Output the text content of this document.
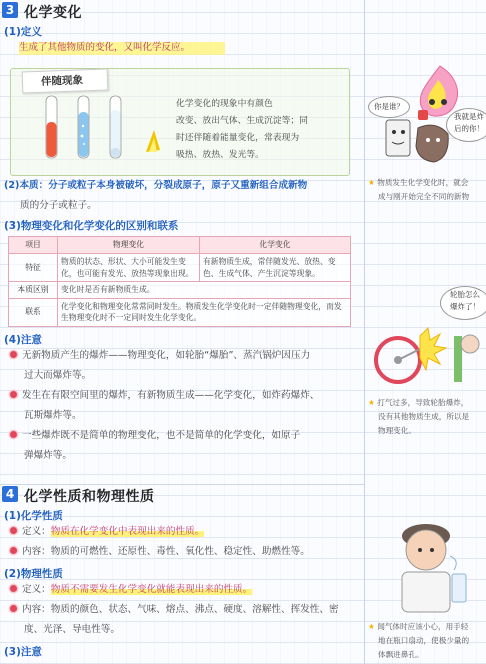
3 化学变化
(1)定义
生成了其他物质的变化，又叫化学反应。
伴随现象
化学变化的现象中有颜色
改变、放出气体、生成沉淀等；同
时还伴随着能量变化，常表现为
吸热、放热、发光等。
(2)本质：分子或粒子本身被破坏，分裂成原子，原子又重新组合成新物
质的分子或粒子。
(3)物理变化和化学变化的区别和联系
项目	物理变化	化学变化
特征	物质的状态、形状、大小可能发生变化，也可能有发光、放热等现象出现。	有新物质生成，常伴随发光、放热、变色、生成气体、产生沉淀等现象。
本质区别	变化时是否有新物质生成。	
联系	化学变化和物理变化常常同时发生。物质发生化学变化时一定伴随物理变化，而发生物理变化时不一定同时发生化学变化。	
(4)注意
无新物质产生的爆炸——物理变化，如轮胎“爆胎”、蒸汽锅炉因压力
过大而爆炸等。
发生在有限空间里的爆炸，有新物质生成——化学变化，如炸药爆炸、
瓦斯爆炸等。
一些爆炸既不是简单的物理变化，也不是简单的化学变化，如原子
弹爆炸等。
4 化学性质和物理性质
(1)化学性质
定义：物质在化学变化中表现出来的性质。
内容：物质的可燃性、还原性、毒性、氧化性、稳定性、助燃性等。
(2)物理性质
定义：物质不需要发生化学变化就能表现出来的性质。
内容：物质的颜色、状态、气味、熔点、沸点、硬度、溶解性、挥发性、密
度、光泽、导电性等。
(3)注意
你是谁？
我就是炸
后的你！
★ 物质发生化学变化时，就会
成与刚开始完全不同的新物
轮胎怎么
爆炸了！
★ 打气过多，导致轮胎爆炸，
没有其他物质生成，所以是
物理变化。
★ 闻气体时应该小心，用手轻
地在瓶口扇动，使极少量的
体飘进鼻孔。
